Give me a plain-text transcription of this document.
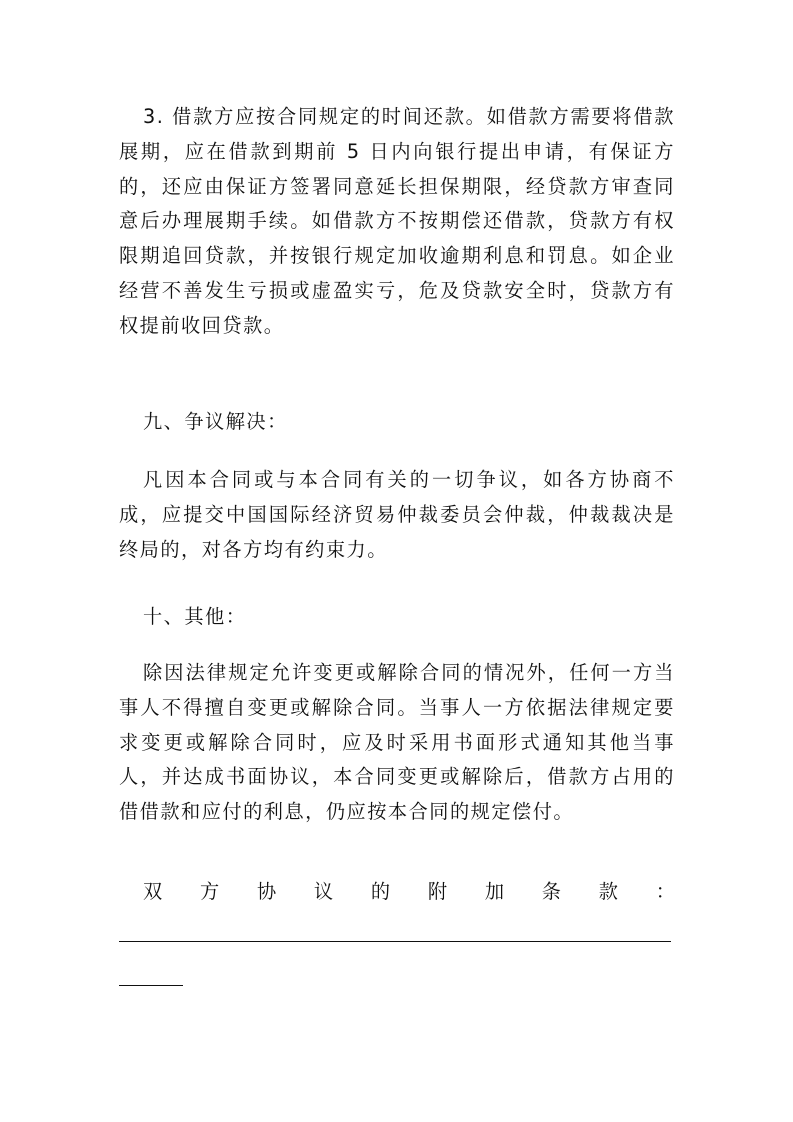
3. 借款方应按合同规定的时间还款。如借款方需要将借款展期，应在借款到期前 5 日内向银行提出申请，有保证方的，还应由保证方签署同意延长担保期限，经贷款方审查同意后办理展期手续。如借款方不按期偿还借款，贷款方有权限期追回贷款，并按银行规定加收逾期利息和罚息。如企业经营不善发生亏损或虚盈实亏，危及贷款安全时，贷款方有权提前收回贷款。

九、争议解决：

凡因本合同或与本合同有关的一切争议，如各方协商不成，应提交中国国际经济贸易仲裁委员会仲裁，仲裁裁决是终局的，对各方均有约束力。

十、其他：

除因法律规定允许变更或解除合同的情况外，任何一方当事人不得擅自变更或解除合同。当事人一方依据法律规定要求变更或解除合同时，应及时采用书面形式通知其他当事人，并达成书面协议，本合同变更或解除后，借款方占用的借借款和应付的利息，仍应按本合同的规定偿付。

双 方 协 议 的 附 加 条 款 ：
